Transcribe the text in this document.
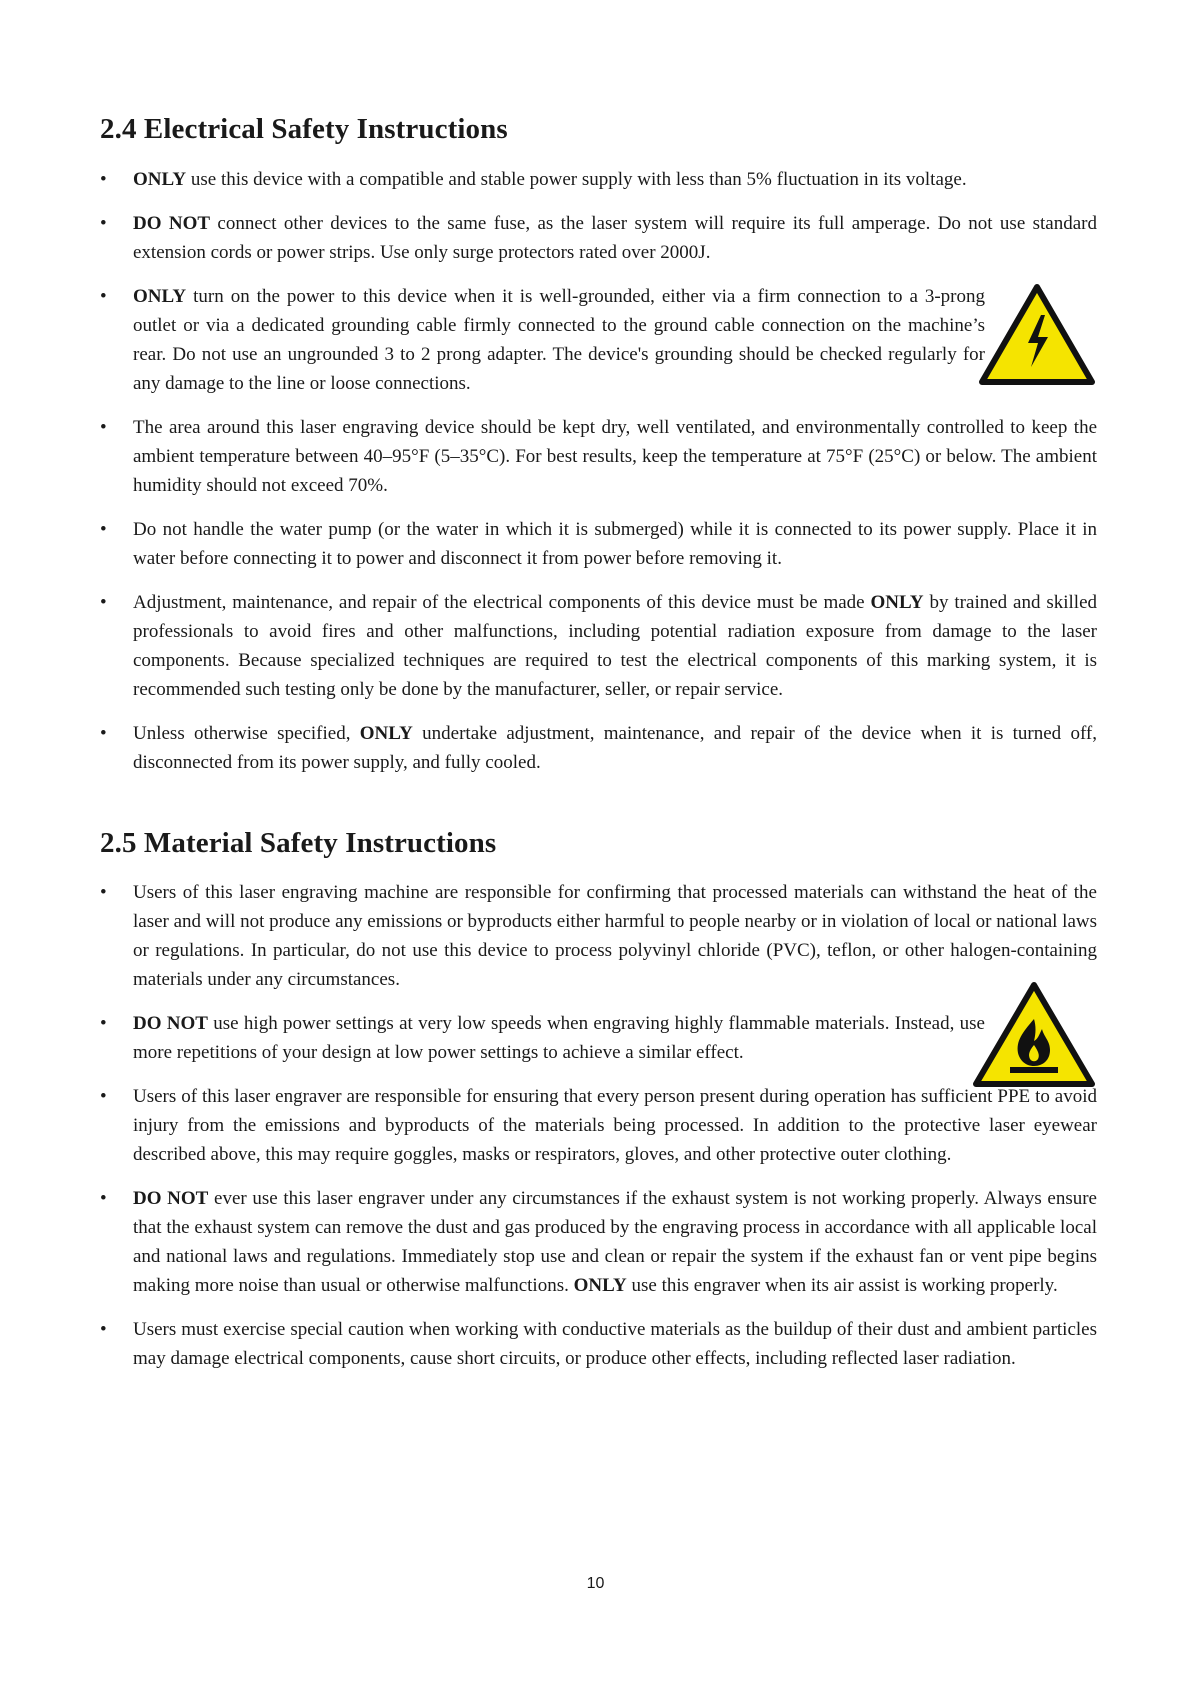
2.4 Electrical Safety Instructions
• ONLY use this device with a compatible and stable power supply with less than 5% fluctuation in its voltage.
• DO NOT connect other devices to the same fuse, as the laser system will require its full amperage. Do not use standard extension cords or power strips. Use only surge protectors rated over 2000J.
• ONLY turn on the power to this device when it is well-grounded, either via a firm connection to a 3-prong outlet or via a dedicated grounding cable firmly connected to the ground cable connection on the machine’s rear. Do not use an ungrounded 3 to 2 prong adapter. The device's grounding should be checked regularly for any damage to the line or loose connections.
• The area around this laser engraving device should be kept dry, well ventilated, and environmentally controlled to keep the ambient temperature between 40–95°F (5–35°C). For best results, keep the temperature at 75°F (25°C) or below. The ambient humidity should not exceed 70%.
• Do not handle the water pump (or the water in which it is submerged) while it is connected to its power supply. Place it in water before connecting it to power and disconnect it from power before removing it.
• Adjustment, maintenance, and repair of the electrical components of this device must be made ONLY by trained and skilled professionals to avoid fires and other malfunctions, including potential radiation exposure from damage to the laser components. Because specialized techniques are required to test the electrical components of this marking system, it is recommended such testing only be done by the manufacturer, seller, or repair service.
• Unless otherwise specified, ONLY undertake adjustment, maintenance, and repair of the device when it is turned off, disconnected from its power supply, and fully cooled.
2.5 Material Safety Instructions
• Users of this laser engraving machine are responsible for confirming that processed materials can withstand the heat of the laser and will not produce any emissions or byproducts either harmful to people nearby or in violation of local or national laws or regulations. In particular, do not use this device to process polyvinyl chloride (PVC), teflon, or other halogen-containing materials under any circumstances.
• DO NOT use high power settings at very low speeds when engraving highly flammable materials. Instead, use more repetitions of your design at low power settings to achieve a similar effect.
• Users of this laser engraver are responsible for ensuring that every person present during operation has sufficient PPE to avoid injury from the emissions and byproducts of the materials being processed. In addition to the protective laser eyewear described above, this may require goggles, masks or respirators, gloves, and other protective outer clothing.
• DO NOT ever use this laser engraver under any circumstances if the exhaust system is not working properly. Always ensure that the exhaust system can remove the dust and gas produced by the engraving process in accordance with all applicable local and national laws and regulations. Immediately stop use and clean or repair the system if the exhaust fan or vent pipe begins making more noise than usual or otherwise malfunctions. ONLY use this engraver when its air assist is working properly.
• Users must exercise special caution when working with conductive materials as the buildup of their dust and ambient particles may damage electrical components, cause short circuits, or produce other effects, including reflected laser radiation.
10
